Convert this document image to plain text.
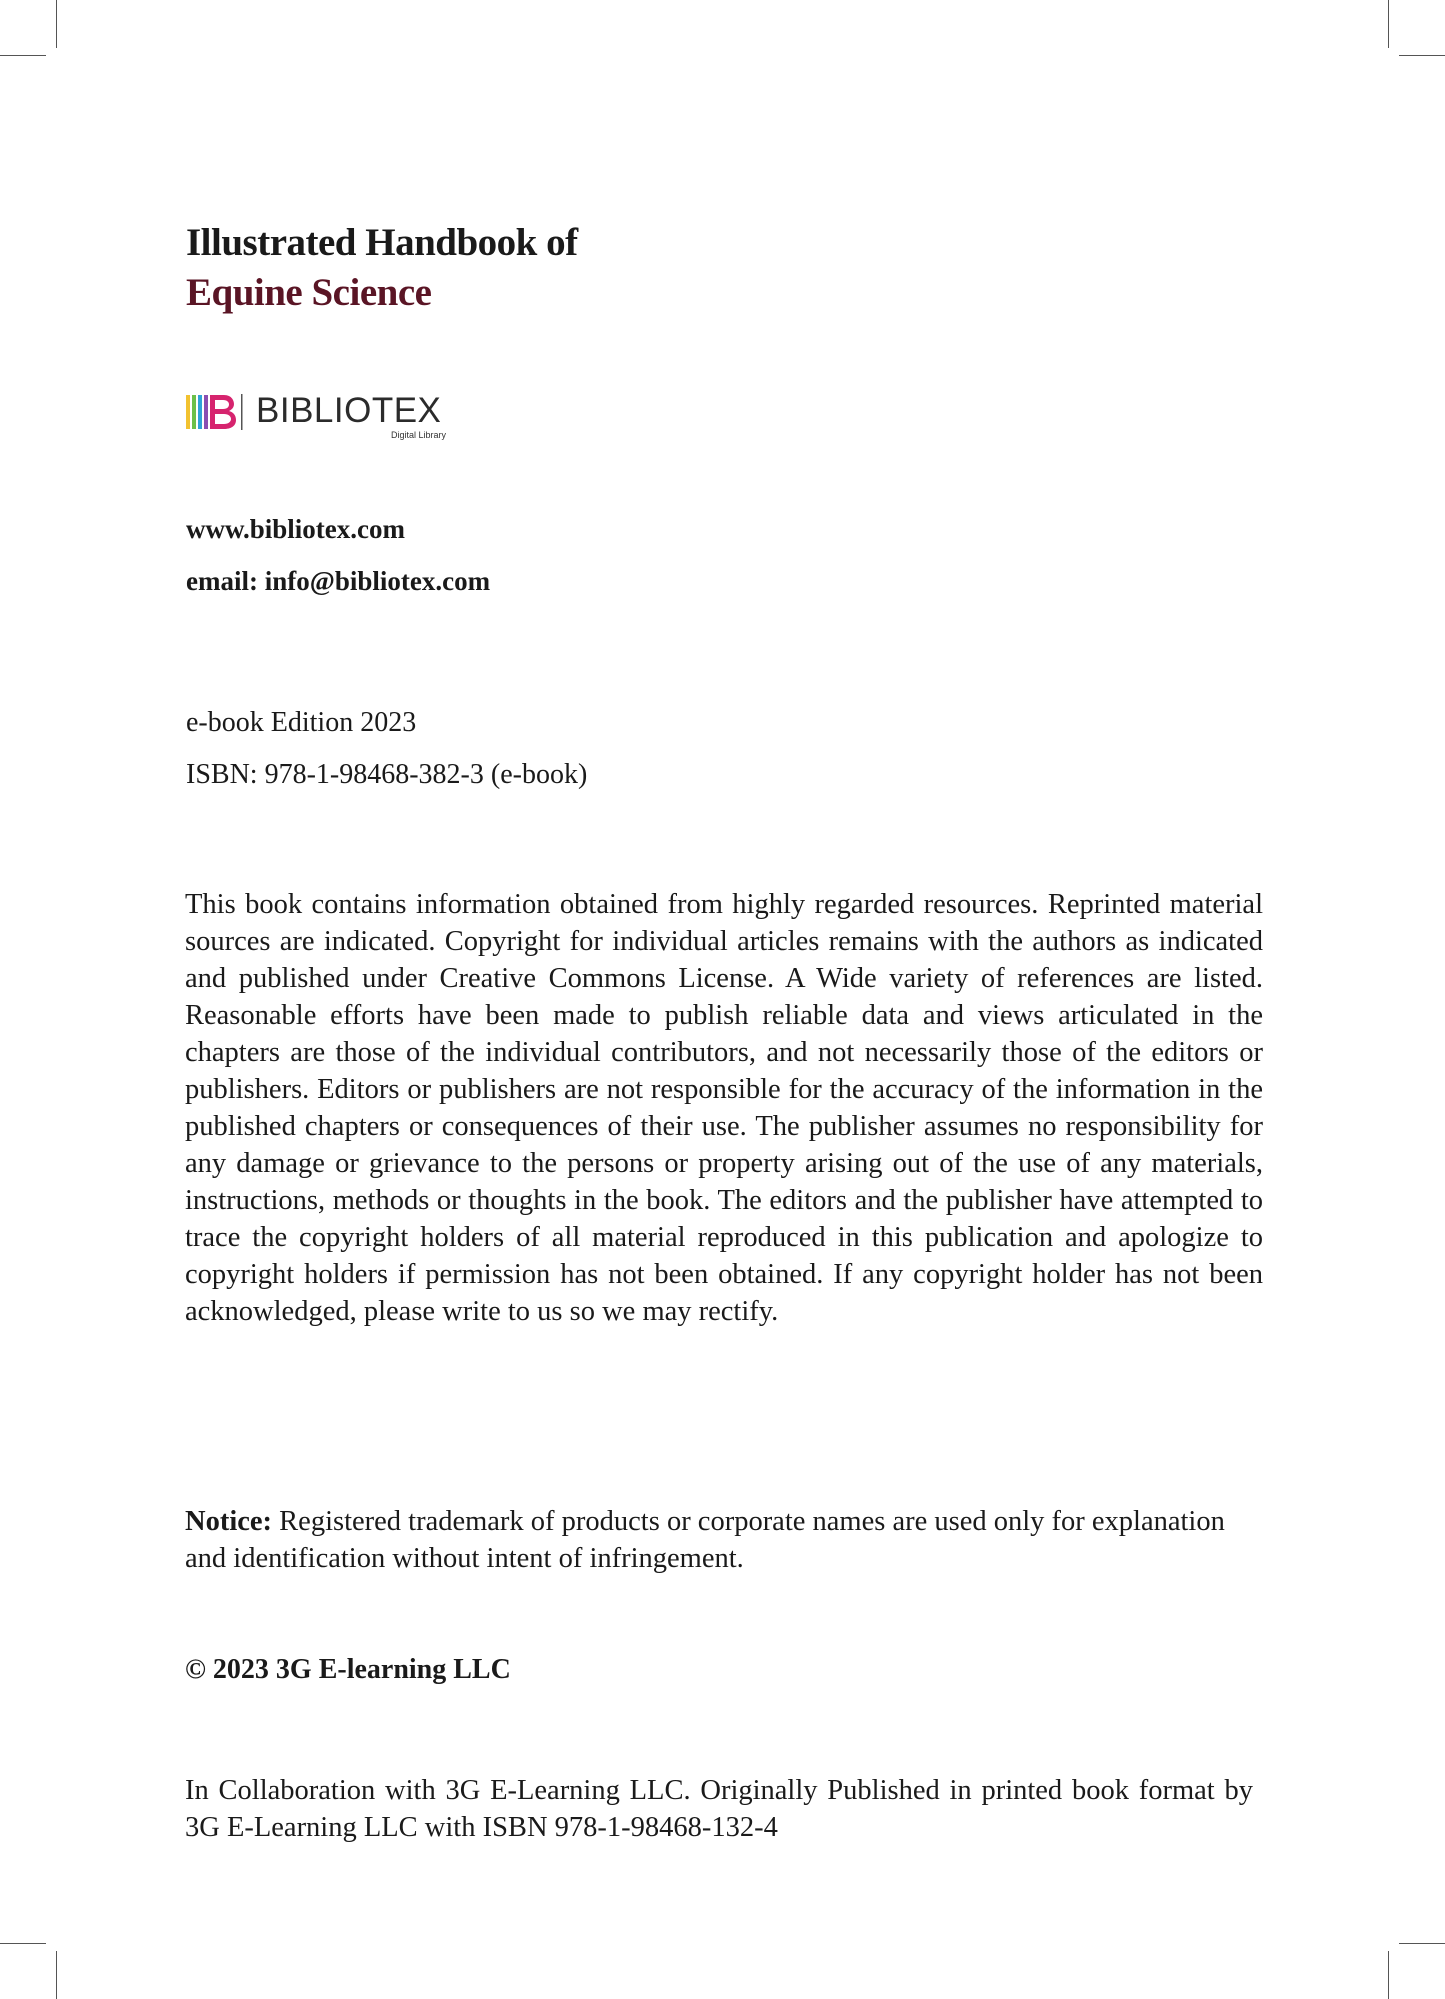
Illustrated Handbook of
Equine Science
BIBLIOTEX
Digital Library
www.bibliotex.com
email: info@bibliotex.com
e-book Edition 2023
ISBN: 978-1-98468-382-3 (e-book)
This book contains information obtained from highly regarded resources. Reprinted material sources are indicated. Copyright for individual articles remains with the authors as indicated and published under Creative Commons License. A Wide variety of references are listed. Reasonable efforts have been made to publish reliable data and views articulated in the chapters are those of the individual contributors, and not necessarily those of the editors or publishers. Editors or publishers are not responsible for the accuracy of the information in the published chapters or consequences of their use. The publisher assumes no responsibility for any damage or grievance to the persons or property arising out of the use of any materials, instructions, methods or thoughts in the book. The editors and the publisher have attempted to trace the copyright holders of all material reproduced in this publication and apologize to copyright holders if permission has not been obtained. If any copyright holder has not been acknowledged, please write to us so we may rectify.
Notice: Registered trademark of products or corporate names are used only for explanation and identification without intent of infringement.
© 2023 3G E-learning LLC
In Collaboration with 3G E-Learning LLC. Originally Published in printed book format by 3G E-Learning LLC with ISBN 978-1-98468-132-4
